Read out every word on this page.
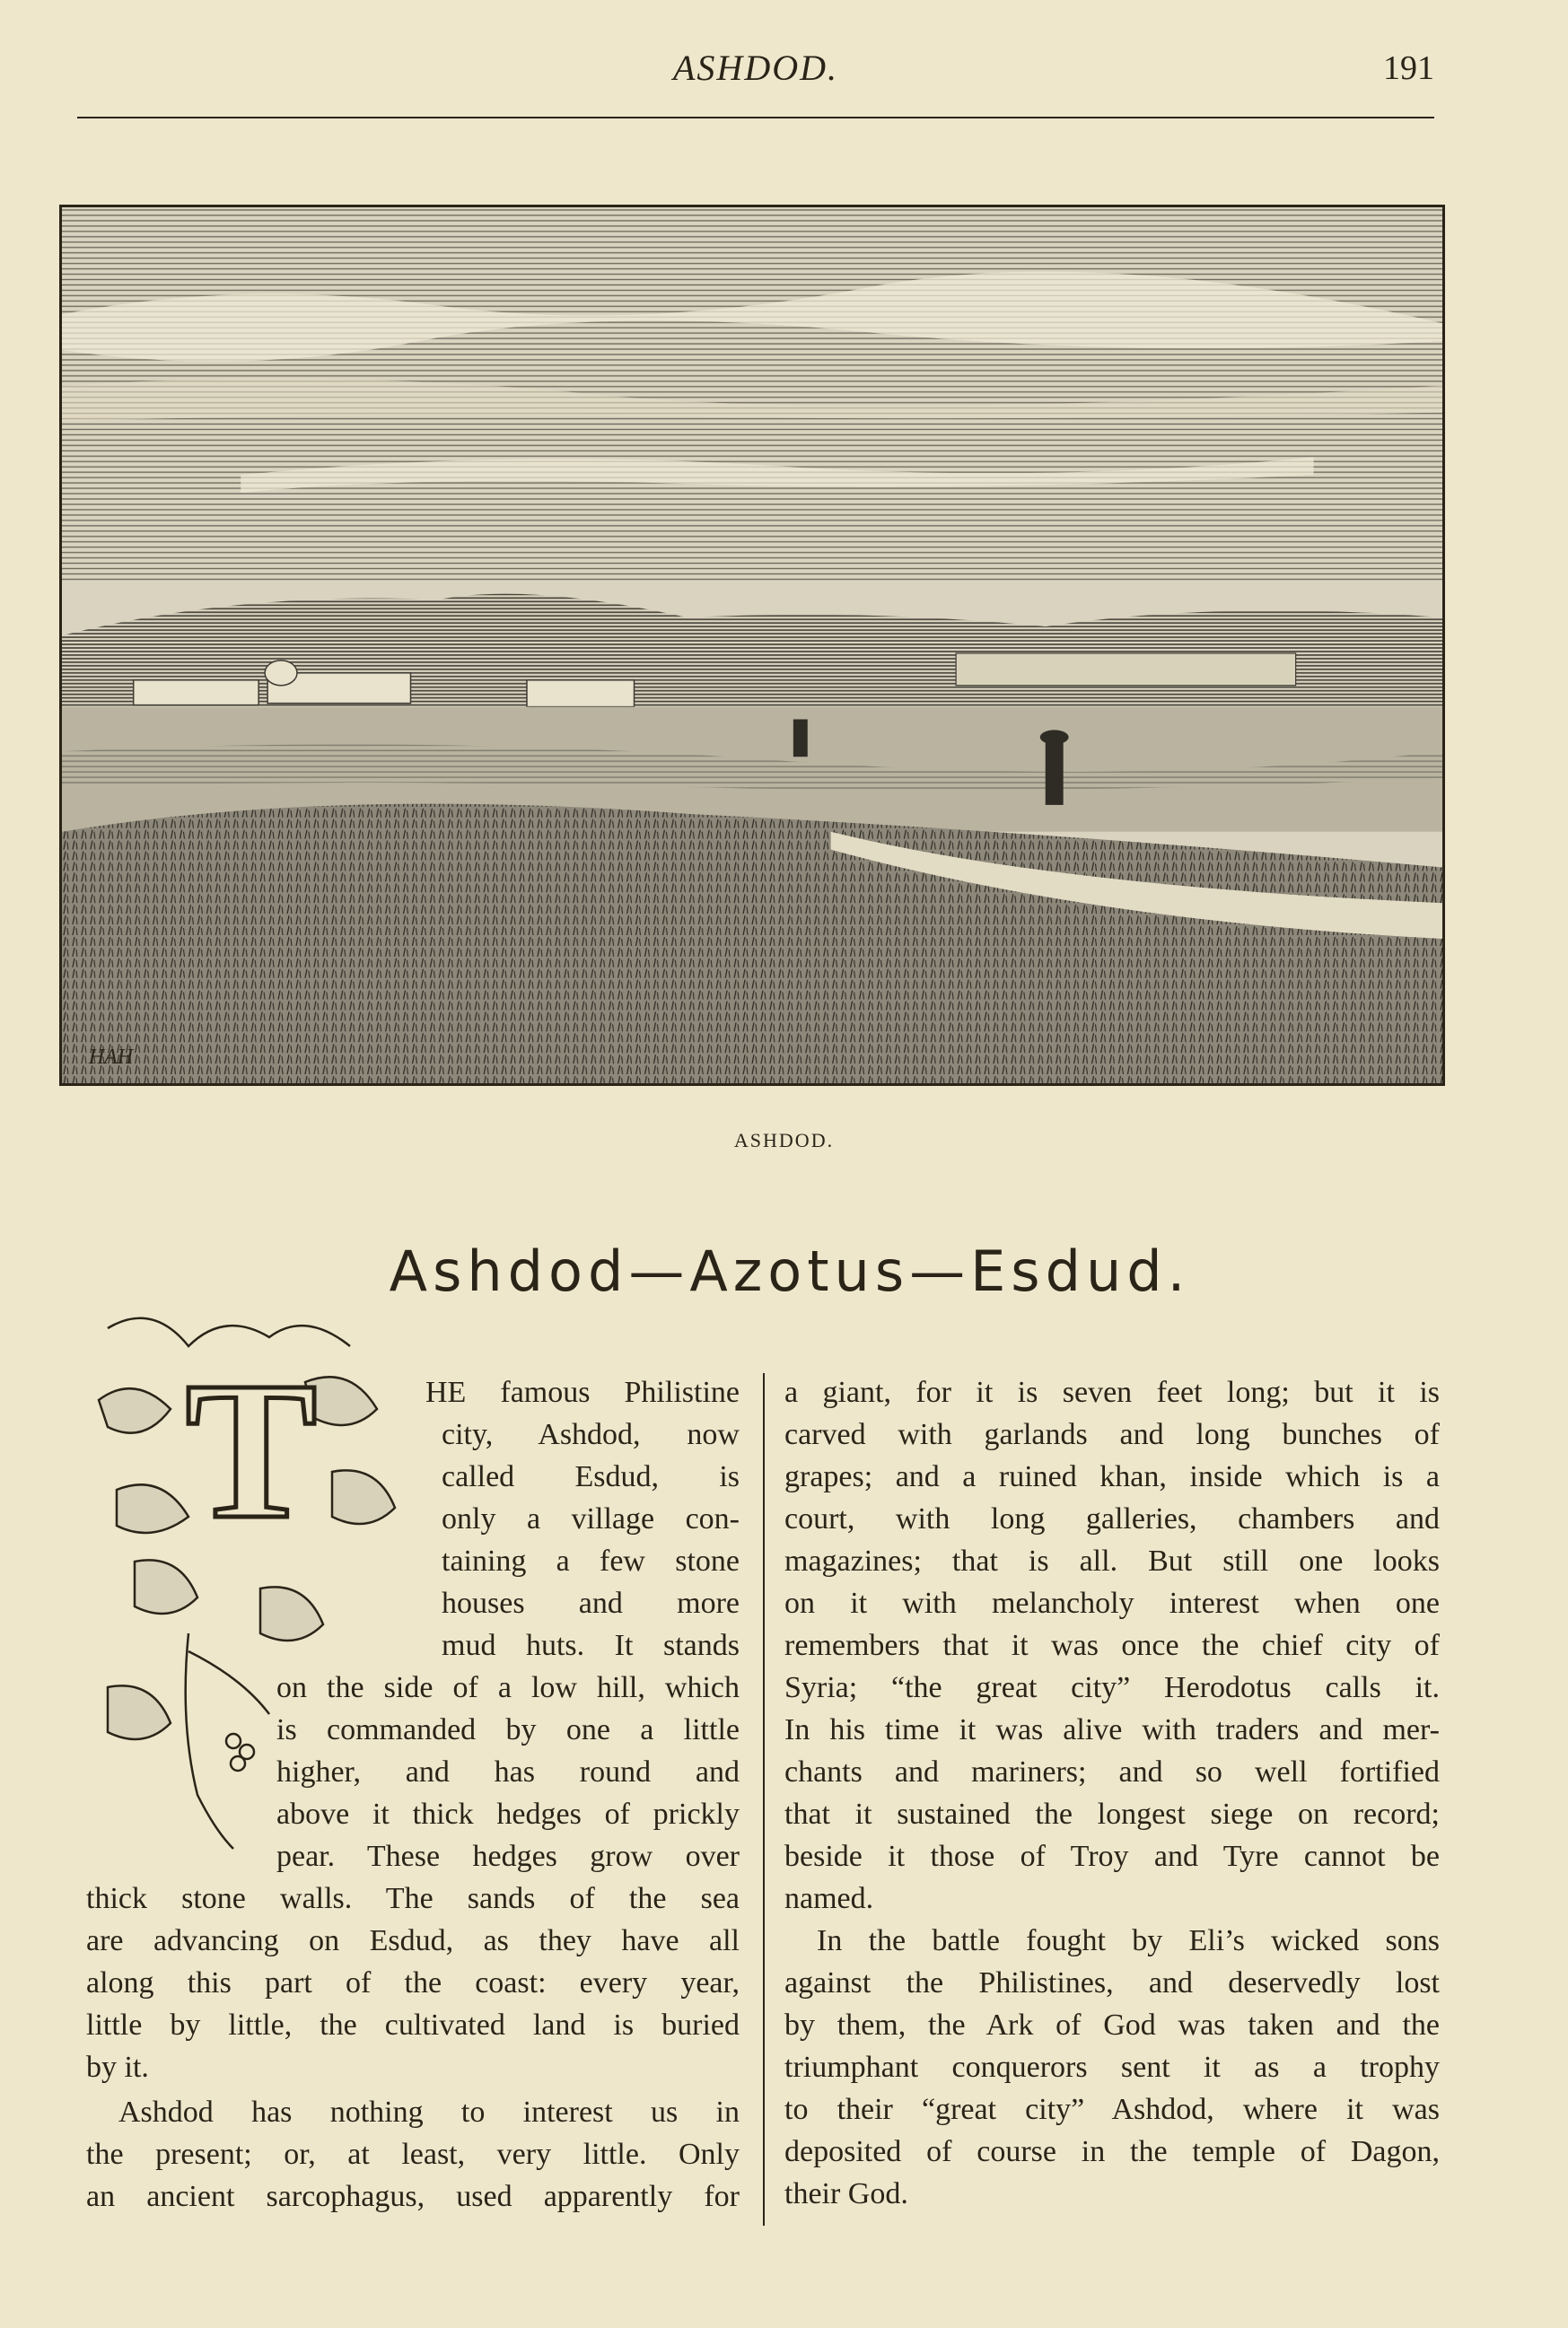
ASHDOD.	191
HAH
ASHDOD.
Ashdod—Azotus—Esdud.
T	HE famous Philistine
city, Ashdod, now
called Esdud, is
only a village con-
taining a few stone
houses and more
mud huts. It stands
on the side of a low hill, which
is commanded by one a little
higher, and has round and
above it thick hedges of prickly
pear. These hedges grow over
thick stone walls. The sands of the sea
are advancing on Esdud, as they have all
along this part of the coast: every year,
little by little, the cultivated land is buried
by it.
Ashdod has nothing to interest us in
the present; or, at least, very little. Only
an ancient sarcophagus, used apparently for
a giant, for it is seven feet long; but it is
carved with garlands and long bunches of
grapes; and a ruined khan, inside which is a
court, with long galleries, chambers and
magazines; that is all. But still one looks
on it with melancholy interest when one
remembers that it was once the chief city of
Syria; “the great city” Herodotus calls it.
In his time it was alive with traders and mer-
chants and mariners; and so well fortified
that it sustained the longest siege on record;
beside it those of Troy and Tyre cannot be
named.
In the battle fought by Eli’s wicked sons
against the Philistines, and deservedly lost
by them, the Ark of God was taken and the
triumphant conquerors sent it as a trophy
to their “great city” Ashdod, where it was
deposited of course in the temple of Dagon,
their God.
